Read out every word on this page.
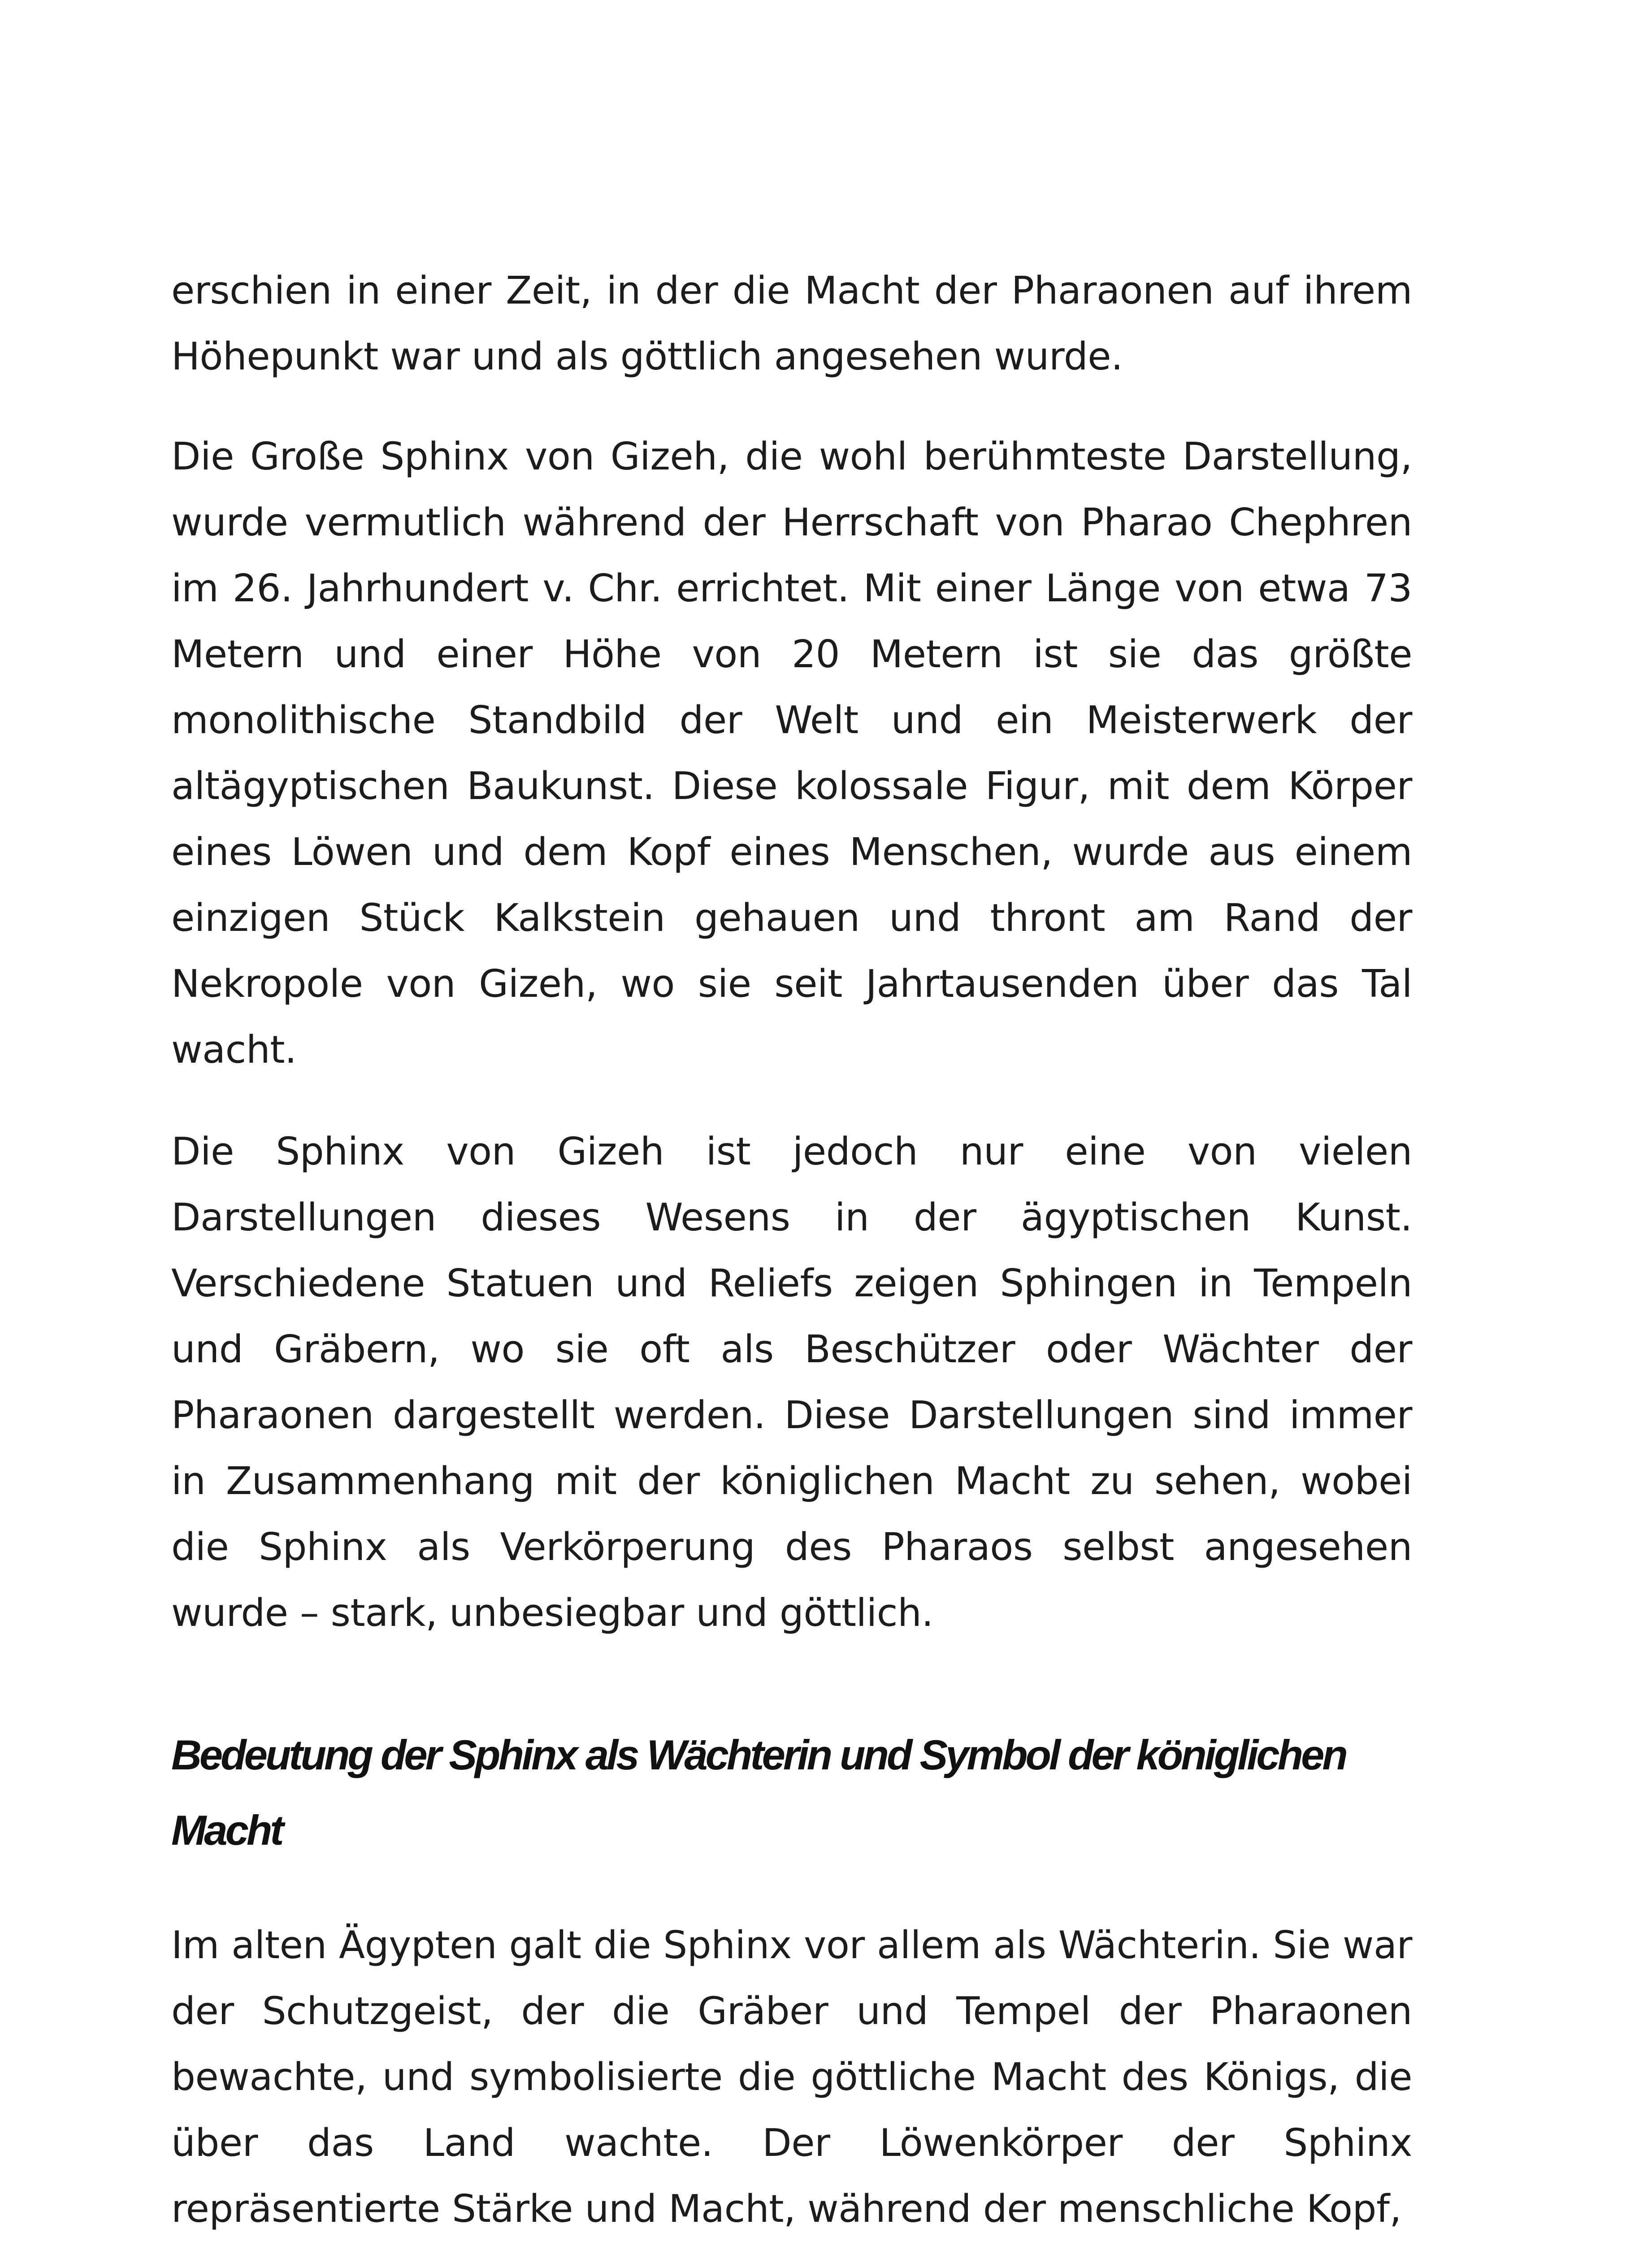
erschien in einer Zeit, in der die Macht der Pharaonen auf ihrem Höhepunkt war und als göttlich angesehen wurde.

Die Große Sphinx von Gizeh, die wohl berühmteste Darstellung, wurde vermutlich während der Herrschaft von Pharao Chephren im 26. Jahrhundert v. Chr. errichtet. Mit einer Länge von etwa 73 Metern und einer Höhe von 20 Metern ist sie das größte monolithische Standbild der Welt und ein Meisterwerk der altägyptischen Baukunst. Diese kolossale Figur, mit dem Körper eines Löwen und dem Kopf eines Menschen, wurde aus einem einzigen Stück Kalkstein gehauen und thront am Rand der Nekropole von Gizeh, wo sie seit Jahrtausenden über das Tal wacht.

Die Sphinx von Gizeh ist jedoch nur eine von vielen Darstellungen dieses Wesens in der ägyptischen Kunst. Verschiedene Statuen und Reliefs zeigen Sphingen in Tempeln und Gräbern, wo sie oft als Beschützer oder Wächter der Pharaonen dargestellt werden. Diese Darstellungen sind immer in Zusammenhang mit der königlichen Macht zu sehen, wobei die Sphinx als Verkörperung des Pharaos selbst angesehen wurde – stark, unbesiegbar und göttlich.

Bedeutung der Sphinx als Wächterin und Symbol der königlichen Macht

Im alten Ägypten galt die Sphinx vor allem als Wächterin. Sie war der Schutzgeist, der die Gräber und Tempel der Pharaonen bewachte, und symbolisierte die göttliche Macht des Königs, die über das Land wachte. Der Löwenkörper der Sphinx repräsentierte Stärke und Macht, während der menschliche Kopf,
